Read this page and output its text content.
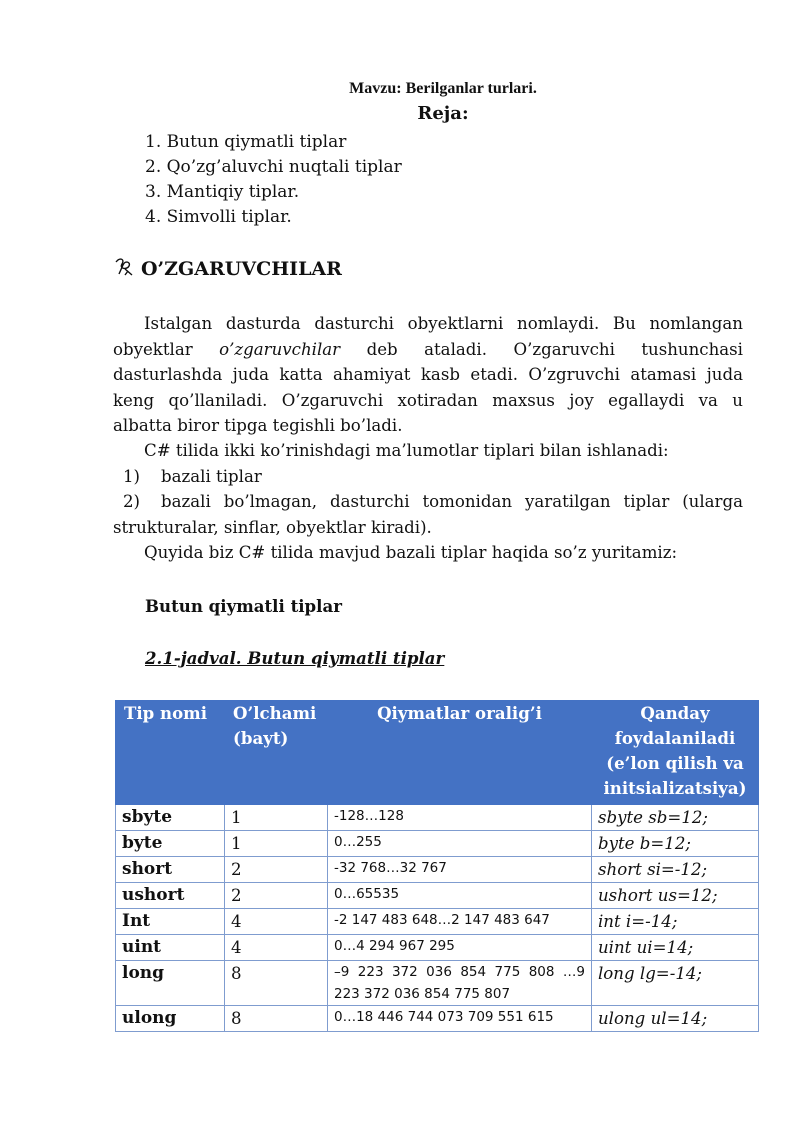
Mavzu: Berilganlar turlari.
Reja:
1. Butun qiymatli tiplar
2. Qo’zg’aluvchi nuqtali tiplar
3. Mantiqiy tiplar.
4. Simvolli tiplar.
O’ZGARUVCHILAR
Istalgan dasturda dasturchi obyektlarni nomlaydi. Bu nomlangan
obyektlar o’zgaruvchilar deb ataladi. O’zgaruvchi tushunchasi
dasturlashda juda katta ahamiyat kasb etadi. O’zgruvchi atamasi juda
keng qo’llaniladi. O’zgaruvchi xotiradan maxsus joy egallaydi va u
albatta biror tipga tegishli bo’ladi.
C# tilida ikki ko’rinishdagi ma’lumotlar tiplari bilan ishlanadi:
1) bazali tiplar
2)	bazali bo’lmagan, dasturchi tomonidan yaratilgan tiplar (ularga
strukturalar, sinflar, obyektlar kiradi).
Quyida biz C# tilida mavjud bazali tiplar haqida so’z yuritamiz:
Butun qiymatli tiplar
2.1-jadval. Butun qiymatli tiplar
Tip nomi	O’lchami (bayt)	Qiymatlar oralig’i	Qanday foydalaniladi (e’lon qilish va initsializatsiya)
sbyte	1	-128…128	sbyte sb=12;
byte	1	0…255	byte b=12;
short	2	-32 768…32 767	short si=-12;
ushort	2	0…65535	ushort us=12;
Int	4	-2 147 483 648…2 147 483 647	int i=-14;
uint	4	0…4 294 967 295	uint ui=14;
long	8	–9 223 372 036 854 775 808 …9 223 372 036 854 775 807	long lg=-14;
ulong	8	0…18 446 744 073 709 551 615	ulong ul=14;
